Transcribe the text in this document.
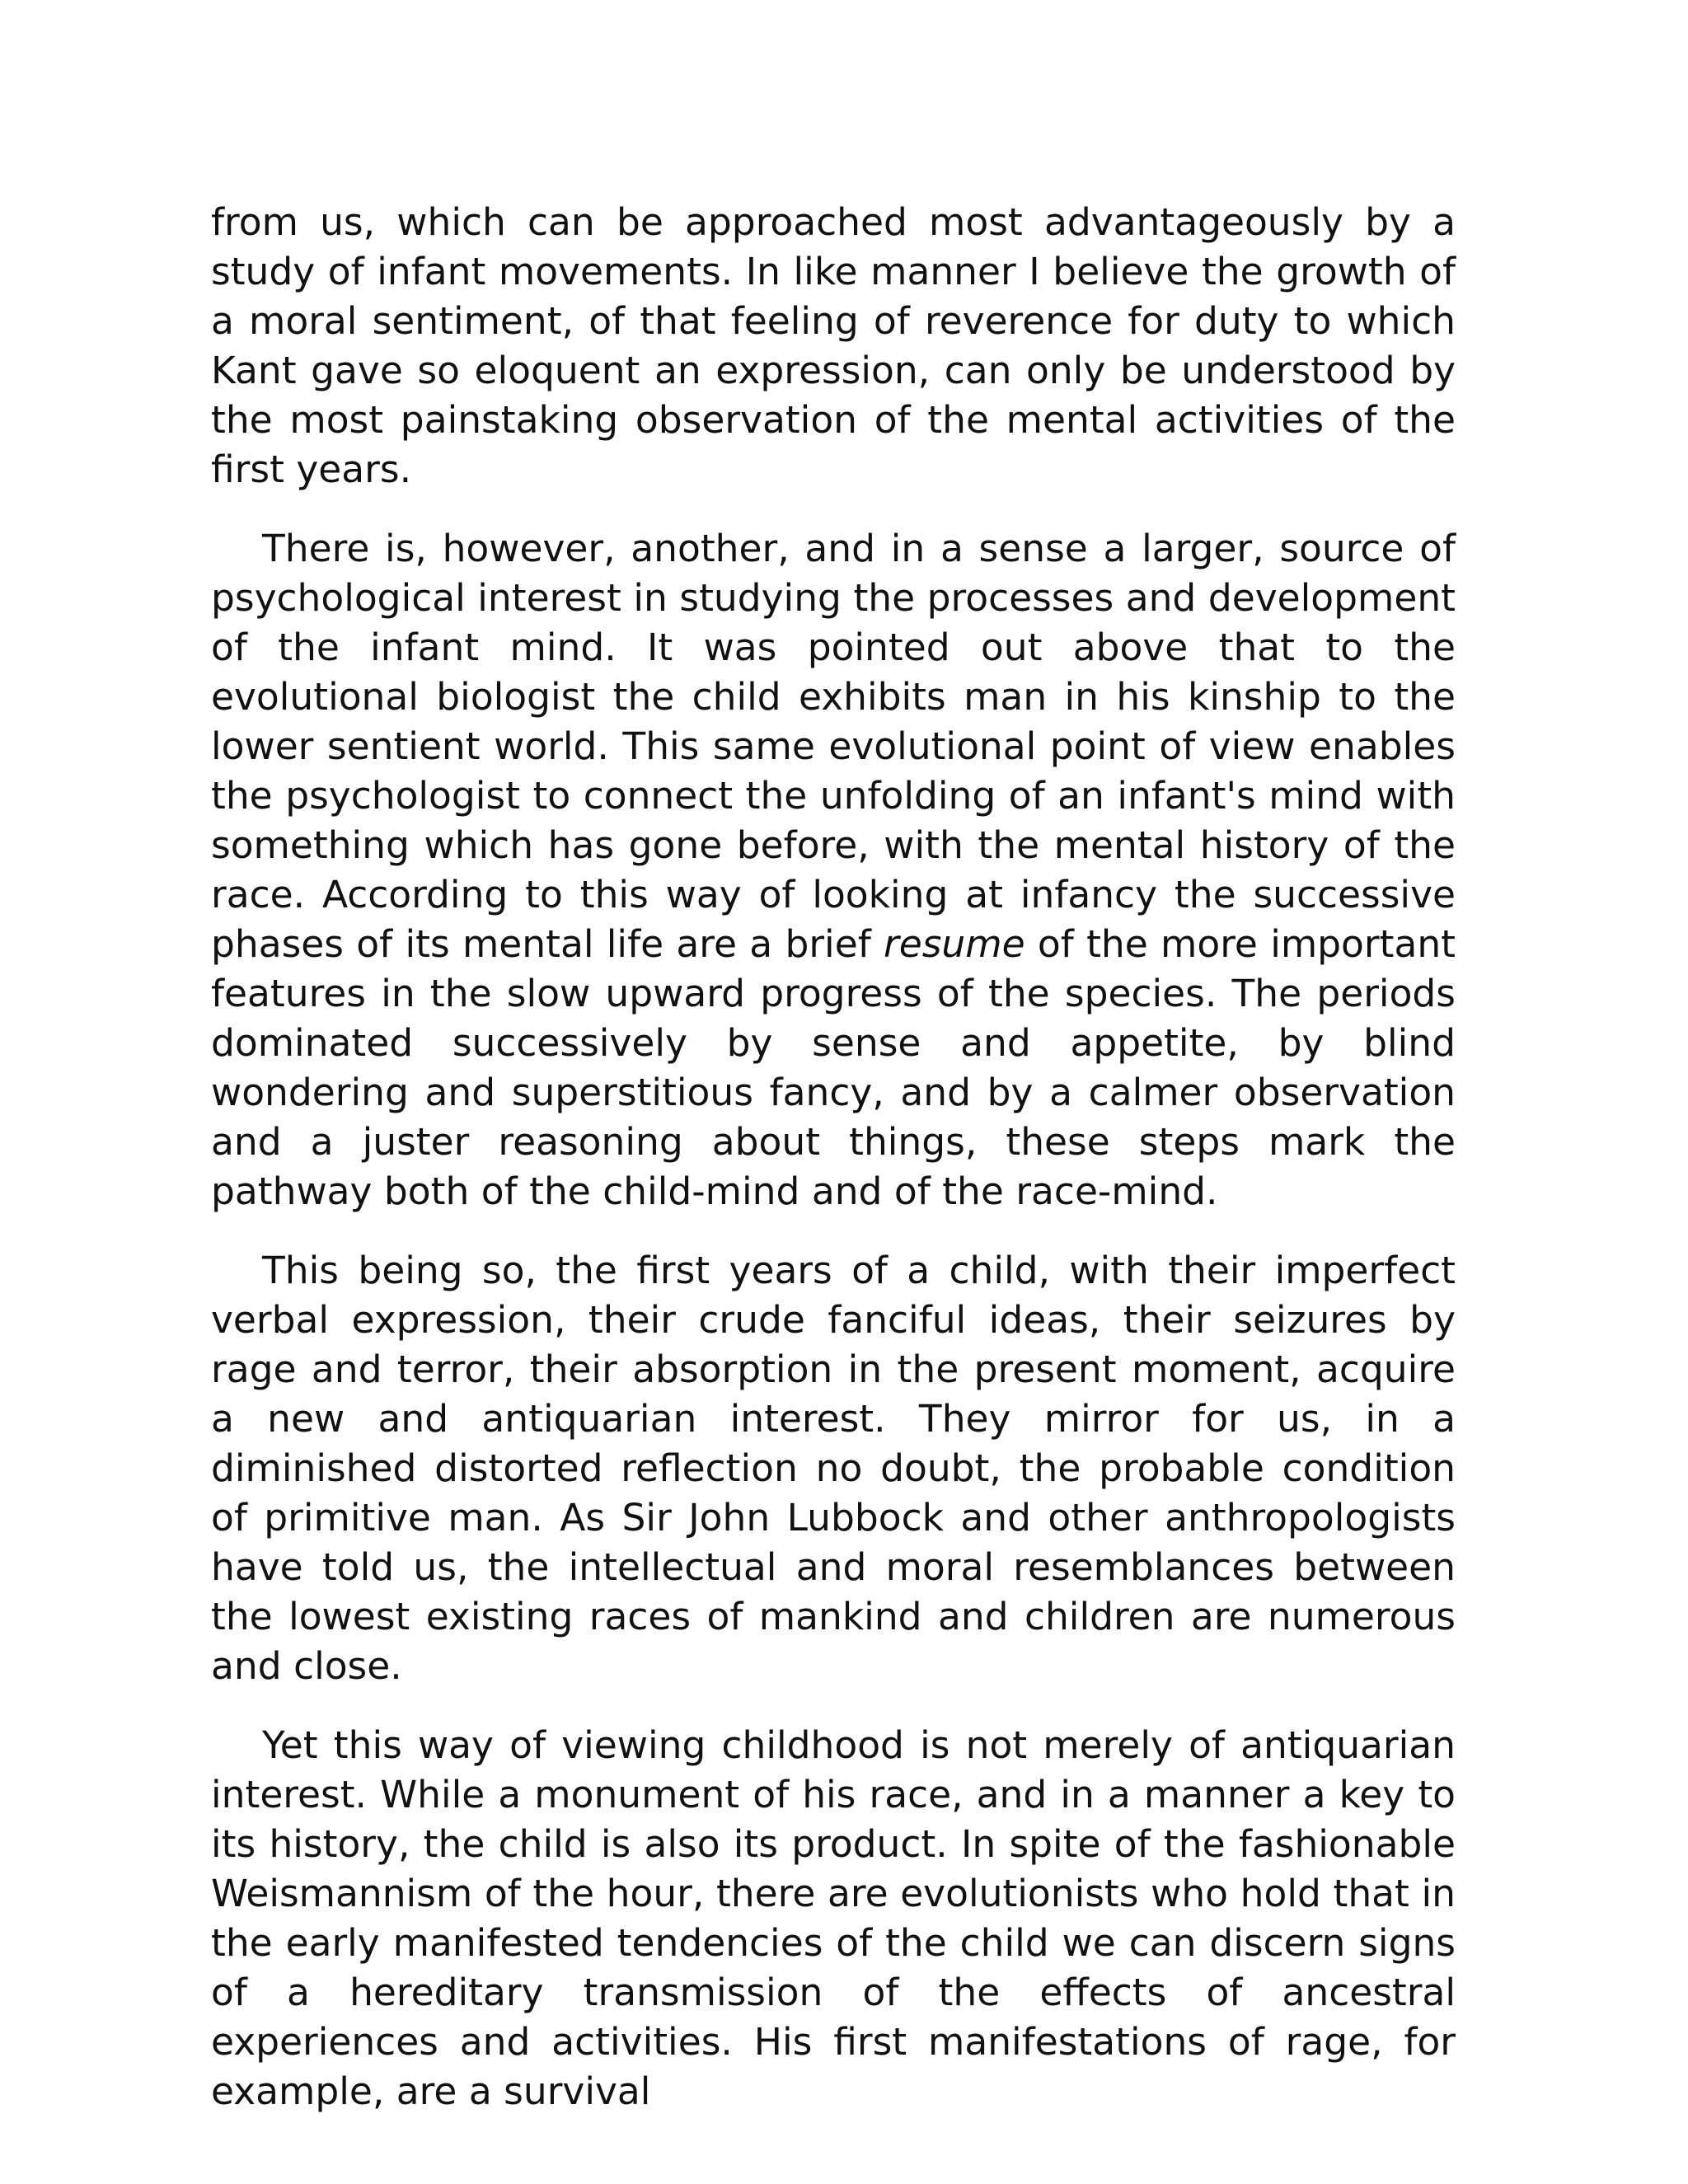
from us, which can be approached most advantageously by a study of infant movements. In like manner I believe the growth of a moral sentiment, of that feeling of reverence for duty to which Kant gave so eloquent an expression, can only be understood by the most painstaking observation of the mental activities of the first years.

There is, however, another, and in a sense a larger, source of psychological interest in studying the processes and development of the infant mind. It was pointed out above that to the evolutional biologist the child exhibits man in his kinship to the lower sentient world. This same evolutional point of view enables the psychologist to connect the unfolding of an infant's mind with something which has gone before, with the mental history of the race. According to this way of looking at infancy the successive phases of its mental life are a brief resume of the more important features in the slow upward progress of the species. The periods dominated successively by sense and appetite, by blind wondering and superstitious fancy, and by a calmer observation and a juster reasoning about things, these steps mark the pathway both of the child-mind and of the race-mind.

This being so, the first years of a child, with their imperfect verbal expression, their crude fanciful ideas, their seizures by rage and terror, their absorption in the present moment, acquire a new and antiquarian interest. They mirror for us, in a diminished distorted reflection no doubt, the probable condition of primitive man. As Sir John Lubbock and other anthropologists have told us, the intellectual and moral resemblances between the lowest existing races of mankind and children are numerous and close.

Yet this way of viewing childhood is not merely of antiquarian interest. While a monument of his race, and in a manner a key to its history, the child is also its product. In spite of the fashionable Weismannism of the hour, there are evolutionists who hold that in the early manifested tendencies of the child we can discern signs of a hereditary transmission of the effects of ancestral experiences and activities. His first manifestations of rage, for example, are a survival
